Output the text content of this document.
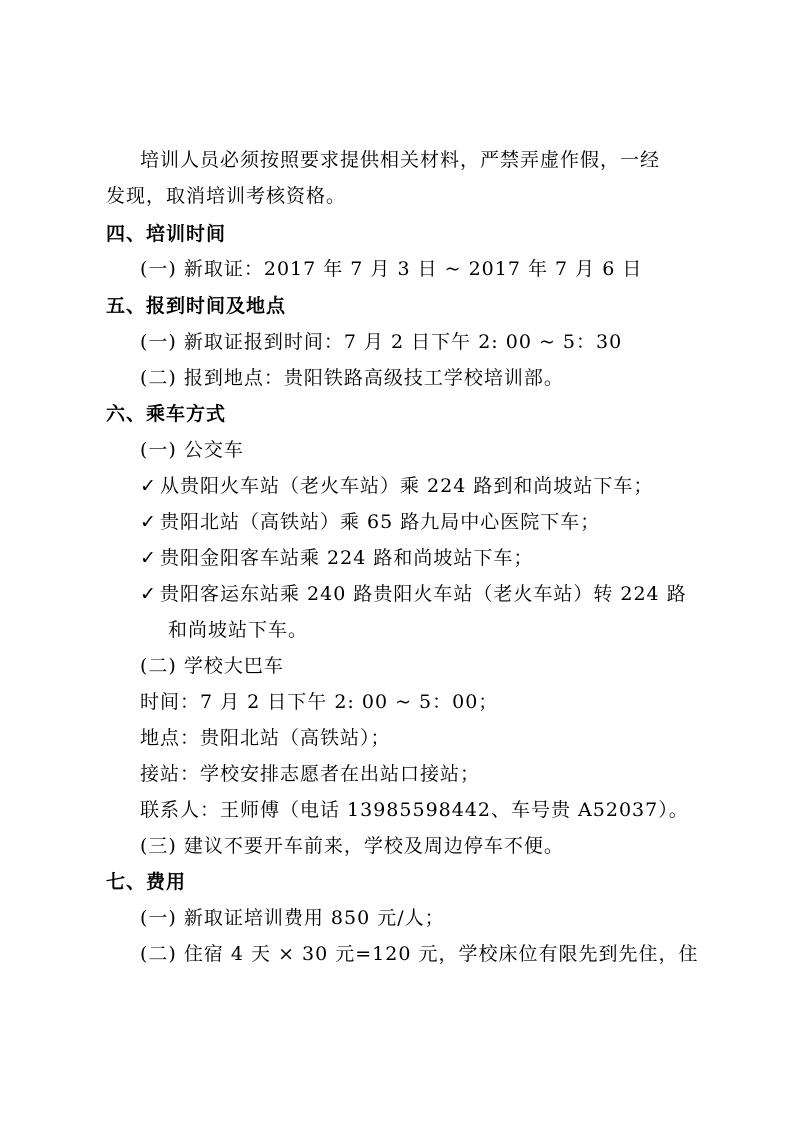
培训人员必须按照要求提供相关材料，严禁弄虚作假，一经
发现，取消培训考核资格。
四、培训时间
(一) 新取证：2017 年 7 月 3 日 ~ 2017 年 7 月 6 日
五、报到时间及地点
(一) 新取证报到时间：7 月 2 日下午 2: 00 ~ 5：30
(二) 报到地点：贵阳铁路高级技工学校培训部。
六、乘车方式
(一) 公交车
✓ 从贵阳火车站（老火车站）乘 224 路到和尚坡站下车；
✓ 贵阳北站（高铁站）乘 65 路九局中心医院下车；
✓ 贵阳金阳客车站乘 224 路和尚坡站下车；
✓ 贵阳客运东站乘 240 路贵阳火车站（老火车站）转 224 路
和尚坡站下车。
(二) 学校大巴车
时间：7 月 2 日下午 2: 00 ~ 5：00；
地点：贵阳北站（高铁站）；
接站：学校安排志愿者在出站口接站；
联系人：王师傅（电话 13985598442、车号贵 A52037）。
(三) 建议不要开车前来，学校及周边停车不便。
七、费用
(一) 新取证培训费用 850 元/人；
(二) 住宿 4 天 × 30 元=120 元，学校床位有限先到先住，住
